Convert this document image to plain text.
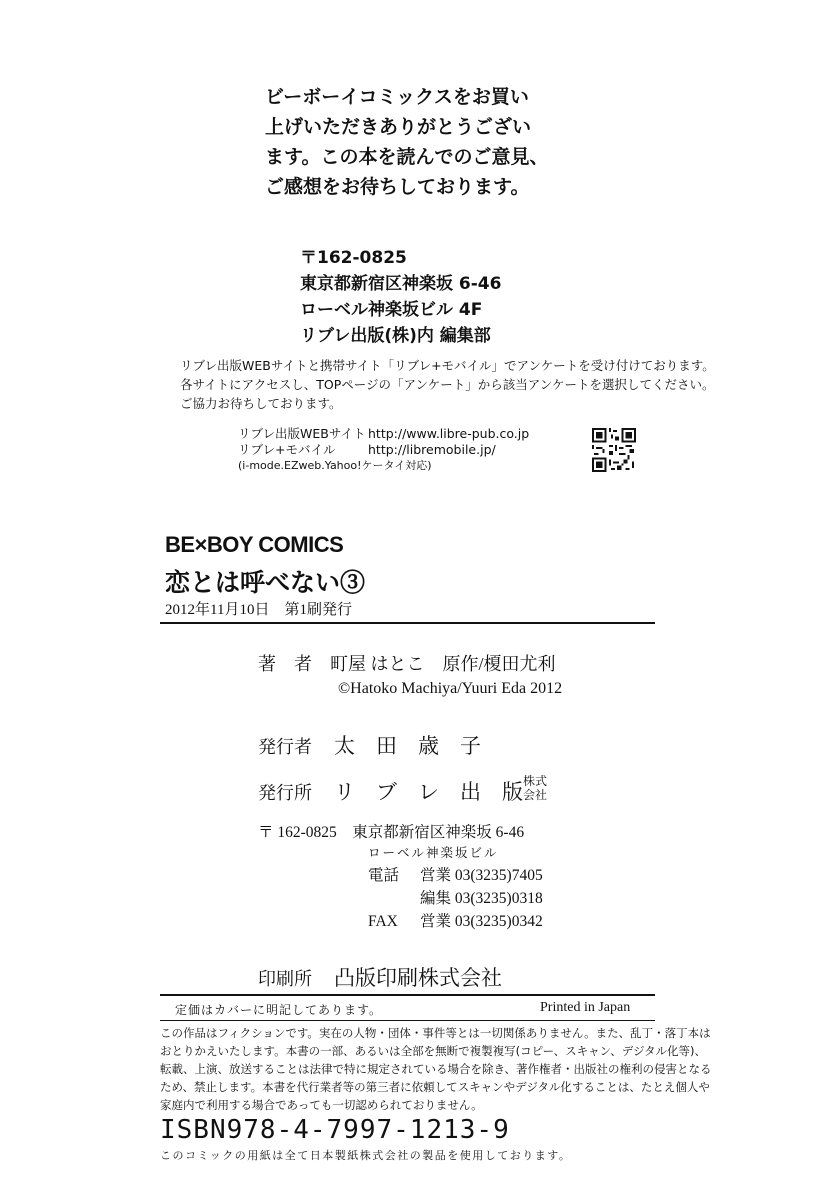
ビーボーイコミックスをお買い
上げいただきありがとうござい
ます。この本を読んでのご意見、
ご感想をお待ちしております。
〒162-0825
東京都新宿区神楽坂 6-46
ローベル神楽坂ビル 4F
リブレ出版(株)内 編集部
リブレ出版WEBサイトと携帯サイト「リブレ+モバイル」でアンケートを受け付けております。
各サイトにアクセスし、TOPページの「アンケート」から該当アンケートを選択してください。
ご協力お待ちしております。
リブレ出版WEBサイト http://www.libre-pub.co.jp
リブレ+モバイル	http://libremobile.jp/
(i-mode.EZweb.Yahoo!ケータイ対応)
BE×BOY COMICS
恋とは呼べない③
2012年11月10日　第1刷発行
著　者 町屋 はとこ　原作/榎田尤利
©Hatoko Machiya/Yuuri Eda 2012
発行者 太　田　歳　子
発行所 リ　ブ　レ　出　版 株式
会社
〒 162-0825　東京都新宿区神楽坂 6-46
ローベル神楽坂ビル
電話 営業 03(3235)7405
編集 03(3235)0318
FAX 営業 03(3235)0342
印刷所 凸版印刷株式会社
定価はカバーに明記してあります。	Printed in Japan
この作品はフィクションです。実在の人物・団体・事件等とは一切関係ありません。また、乱丁・落丁本は
おとりかえいたします。本書の一部、あるいは全部を無断で複製複写(コピー、スキャン、デジタル化等)、
転載、上演、放送することは法律で特に規定されている場合を除き、著作権者・出版社の権利の侵害となる
ため、禁止します。本書を代行業者等の第三者に依頼してスキャンやデジタル化することは、たとえ個人や
家庭内で利用する場合であっても一切認められておりません。
ISBN978-4-7997-1213-9
このコミックの用紙は全て日本製紙株式会社の製品を使用しております。
